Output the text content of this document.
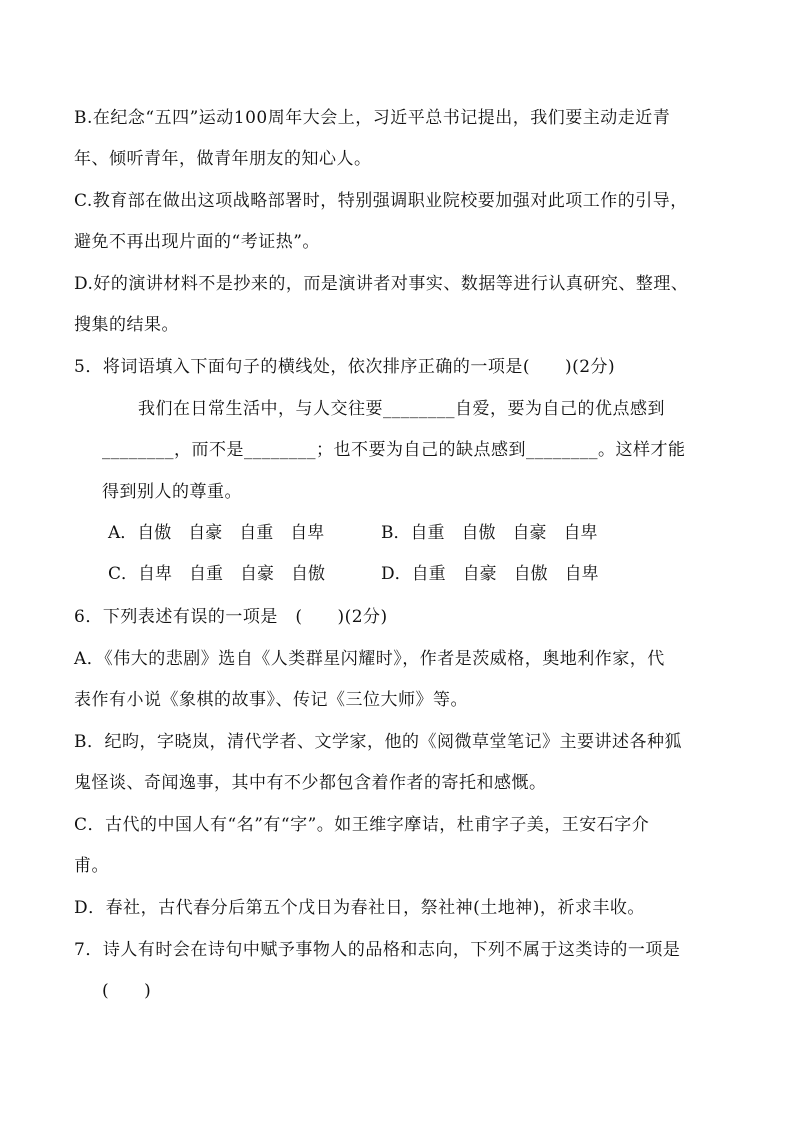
B.在纪念“五四”运动100周年大会上，习近平总书记提出，我们要主动走近青
年、倾听青年，做青年朋友的知心人。
C.教育部在做出这项战略部署时，特别强调职业院校要加强对此项工作的引导，
避免不再出现片面的“考证热”。
D.好的演讲材料不是抄来的，而是演讲者对事实、数据等进行认真研究、整理、
搜集的结果。
5．将词语填入下面句子的横线处，依次排序正确的一项是(　　)(2分)
我们在日常生活中，与人交往要________自爱，要为自己的优点感到
________，而不是________；也不要为自己的缺点感到________。这样才能
得到别人的尊重。
A．自傲　自豪　自重　自卑	B．自重　自傲　自豪　自卑
C．自卑　自重　自豪　自傲	D．自重　自豪　自傲　自卑
6．下列表述有误的一项是　(　　)(2分)
A．《伟大的悲剧》选自《人类群星闪耀时》，作者是茨威格，奥地利作家，代
表作有小说《象棋的故事》、传记《三位大师》等。
B．纪昀，字晓岚，清代学者、文学家，他的《阅微草堂笔记》主要讲述各种狐
鬼怪谈、奇闻逸事，其中有不少都包含着作者的寄托和感慨。
C．古代的中国人有“名”有“字”。如王维字摩诘，杜甫字子美，王安石字介
甫。
D．春社，古代春分后第五个戊日为春社日，祭社神(土地神)，祈求丰收。
7．诗人有时会在诗句中赋予事物人的品格和志向，下列不属于这类诗的一项是
(　　)
